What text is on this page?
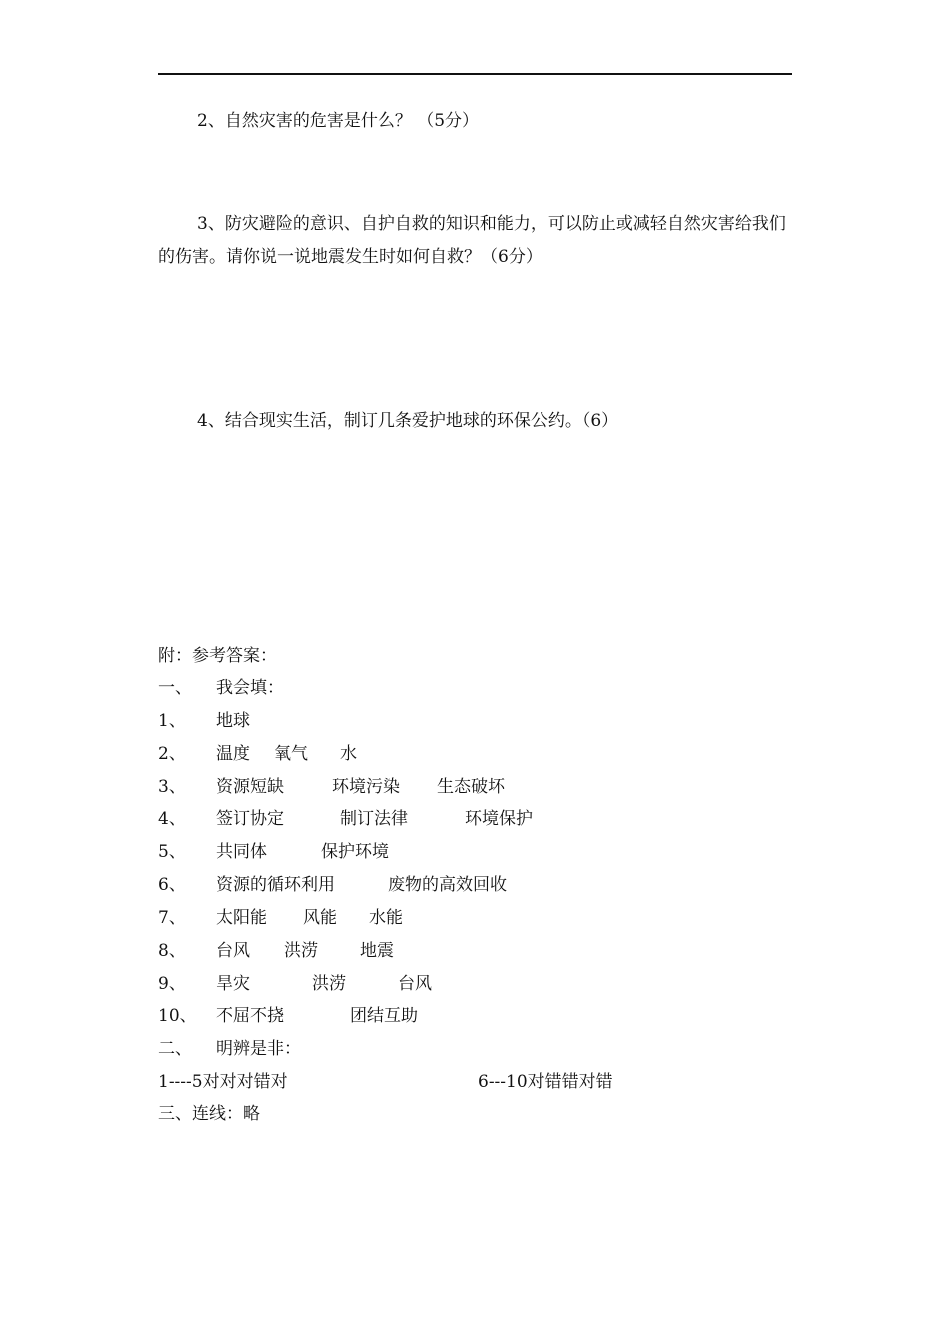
2、自然灾害的危害是什么？ （5分）
3、防灾避险的意识、自护自救的知识和能力，可以防止或减轻自然灾害给我们的伤害。请你说一说地震发生时如何自救？（6分）
4、结合现实生活，制订几条爱护地球的环保公约。（6）
附：参考答案：
一、 我会填：
1、 地球
2、 温度 氧气 水
3、 资源短缺	环境污染 生态破坏
4、 签订协定	制订法律	环境保护
5、 共同体	保护环境
6、 资源的循环利用	废物的高效回收
7、 太阳能 风能 水能
8、 台风 洪涝 地震
9、 旱灾	洪涝	台风
10、 不屈不挠	团结互助
二、 明辨是非：
1----5对对对错对	6---10对错错对错
三、连线：略
